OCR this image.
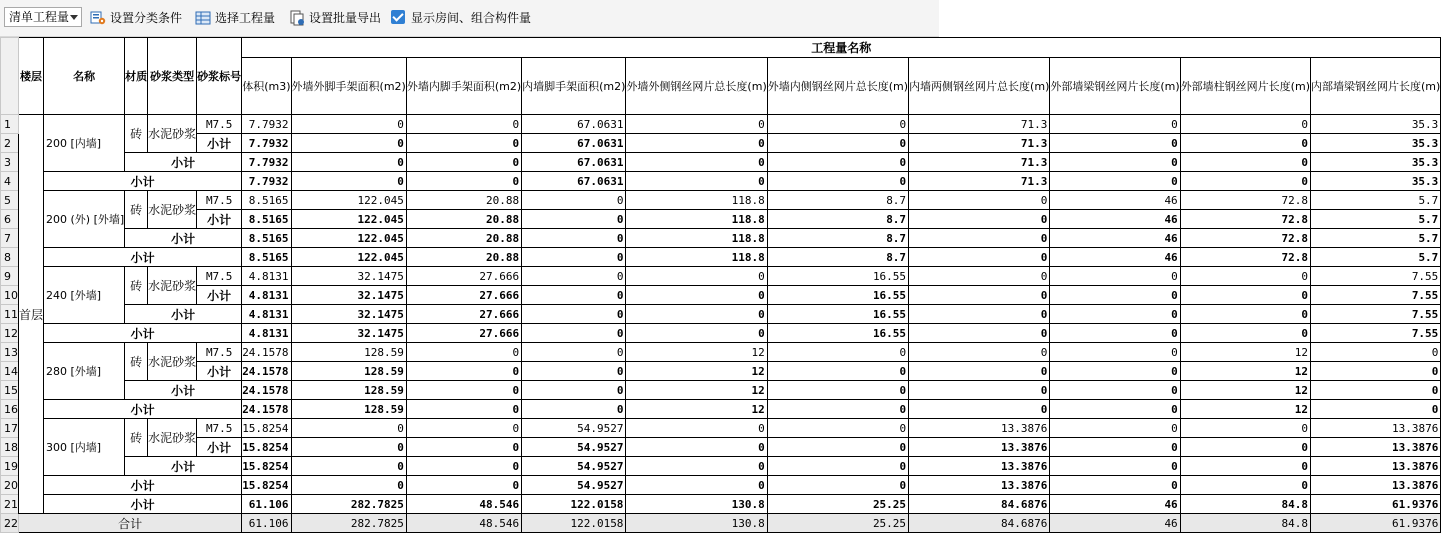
清单工程量	设置分类条件	选择工程量	设置批量导出 显示房间、组合构件量
	楼层	名称	材质	砂浆类型	砂浆标号	工程量名称									
						体积(m3)	外墙外脚手架面积(m2)	外墙内脚手架面积(m2)	内墙脚手架面积(m2)	外墙外侧钢丝网片总长度(m)	外墙内侧钢丝网片总长度(m)	内墙两侧钢丝网片总长度(m)	外部墙梁钢丝网片长度(m)	外部墙柱钢丝网片长度(m)	内部墙梁钢丝网片长度(m)
1	首层	200 [内墙]	砖	水泥砂浆	M7.5	7.7932	0	0	67.0631	0	0	71.3	0	0	35.3
2					小计	7.7932	0	0	67.0631	0	0	71.3	0	0	35.3
3			小计			7.7932	0	0	67.0631	0	0	71.3	0	0	35.3
4		小计				7.7932	0	0	67.0631	0	0	71.3	0	0	35.3
5		200 (外) [外墙]	砖	水泥砂浆	M7.5	8.5165	122.045	20.88	0	118.8	8.7	0	46	72.8	5.7
6					小计	8.5165	122.045	20.88	0	118.8	8.7	0	46	72.8	5.7
7			小计			8.5165	122.045	20.88	0	118.8	8.7	0	46	72.8	5.7
8		小计				8.5165	122.045	20.88	0	118.8	8.7	0	46	72.8	5.7
9		240 [外墙]	砖	水泥砂浆	M7.5	4.8131	32.1475	27.666	0	0	16.55	0	0	0	7.55
10					小计	4.8131	32.1475	27.666	0	0	16.55	0	0	0	7.55
11			小计			4.8131	32.1475	27.666	0	0	16.55	0	0	0	7.55
12		小计				4.8131	32.1475	27.666	0	0	16.55	0	0	0	7.55
13		280 [外墙]	砖	水泥砂浆	M7.5	24.1578	128.59	0	0	12	0	0	0	12	0
14					小计	24.1578	128.59	0	0	12	0	0	0	12	0
15			小计			24.1578	128.59	0	0	12	0	0	0	12	0
16		小计				24.1578	128.59	0	0	12	0	0	0	12	0
17		300 [内墙]	砖	水泥砂浆	M7.5	15.8254	0	0	54.9527	0	0	13.3876	0	0	13.3876
18					小计	15.8254	0	0	54.9527	0	0	13.3876	0	0	13.3876
19			小计			15.8254	0	0	54.9527	0	0	13.3876	0	0	13.3876
20		小计				15.8254	0	0	54.9527	0	0	13.3876	0	0	13.3876
21		小计				61.106	282.7825	48.546	122.0158	130.8	25.25	84.6876	46	84.8	61.9376
22	合计					61.106	282.7825	48.546	122.0158	130.8	25.25	84.6876	46	84.8	61.9376
